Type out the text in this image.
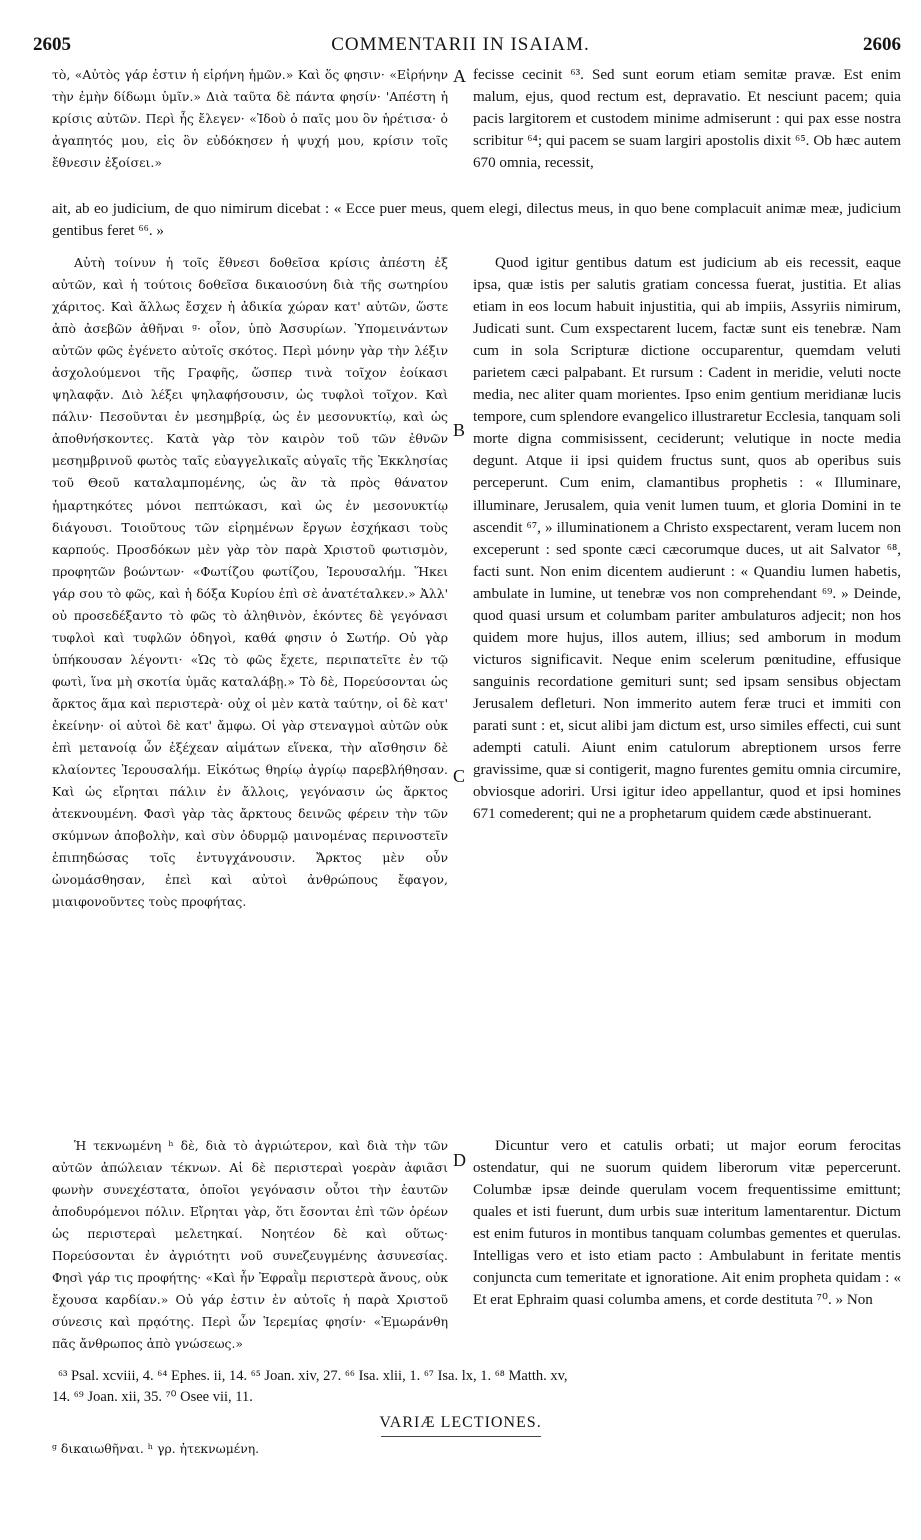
2605	COMMENTARII IN ISAIAM.	2606

τὸ, «Αὐτὸς γάρ ἐστιν ἡ εἰρήνη ἡμῶν.» Καὶ ὅς φησιν· «Εἰρήνην τὴν ἐμὴν δίδωμι ὑμῖν.» Διὰ ταῦτα δὲ πάντα φησίν· 'Απέστη ἡ κρίσις αὐτῶν. Περὶ ἧς ἔλεγεν· «Ἰδοὺ ὁ παῖς μου ὃν ἡρέτισα· ὁ ἀγαπητός μου, εἰς ὃν εὐδόκησεν ἡ ψυχή μου, κρίσιν τοῖς ἔθνεσιν ἐξοίσει.»

A fecisse cecinit ⁶³. Sed sunt eorum etiam semitæ pravæ. Est enim malum, ejus, quod rectum est, depravatio. Et nesciunt pacem; quia pacis largitorem et custodem minime admiserunt : qui pax esse nostra scribitur ⁶⁴; qui pacem se suam largiri apostolis dixit ⁶⁵. Ob hæc autem 670 omnia, recessit,

ait, ab eo judicium, de quo nimirum dicebat : « Ecce puer meus, quem elegi, dilectus meus, in quo bene complacuit animæ meæ, judicium gentibus feret ⁶⁶. »

Αὐτὴ τοίνυν ἡ τοῖς ἔθνεσι δοθεῖσα κρίσις ἀπέστη ἐξ αὐτῶν, καὶ ἡ τούτοις δοθεῖσα δικαιοσύνη διὰ τῆς σωτηρίου χάριτος. Καὶ ἄλλως ἔσχεν ἡ ἀδικία χώραν κατ' αὐτῶν, ὥστε ἀπὸ ἀσεβῶν ἀθῆναι ᵍ· οἷον, ὑπὸ Ἀσσυρίων. Ὑπομεινάντων αὐτῶν φῶς ἐγένετο αὐτοῖς σκότος. Περὶ μόνην γὰρ τὴν λέξιν ἀσχολούμενοι τῆς Γραφῆς, ὥσπερ τινὰ τοῖχον ἐοίκασι ψηλαφᾷν. Διὸ λέξει ψηλαφήσουσιν, ὡς τυφλοὶ τοῖχον. Καὶ πάλιν· Πεσοῦνται ἐν μεσημβρίᾳ, ὡς ἐν μεσονυκτίῳ, καὶ ὡς ἀποθνήσκοντες. Κατὰ γὰρ τὸν καιρὸν τοῦ τῶν ἐθνῶν μεσημβρινοῦ φωτὸς ταῖς εὐαγγελικαῖς αὐγαῖς τῆς Ἐκκλησίας τοῦ Θεοῦ καταλαμπομένης, ὡς ἂν τὰ πρὸς θάνατον ἡμαρτηκότες μόνοι πεπτώκασι, καὶ ὡς ἐν μεσονυκτίῳ διάγουσι. Τοιοῦτους τῶν εἰρημένων ἔργων ἐσχήκασι τοὺς καρπούς. Προσδόκων μὲν γὰρ τὸν παρὰ Χριστοῦ φωτισμὸν, προφητῶν βοώντων· «Φωτίζου φωτίζου, Ἱερουσαλήμ. Ἥκει γάρ σου τὸ φῶς, καὶ ἡ δόξα Κυρίου ἐπὶ σὲ ἀνατέταλκεν.» Ἀλλ' οὐ προσεδέξαντο τὸ φῶς τὸ ἀληθινὸν, ἑκόντες δὲ γεγόνασι τυφλοὶ καὶ τυφλῶν ὁδηγοὶ, καθά φησιν ὁ Σωτήρ. Οὐ γὰρ ὑπήκουσαν λέγοντι· «Ὡς τὸ φῶς ἔχετε, περιπατεῖτε ἐν τῷ φωτὶ, ἵνα μὴ σκοτία ὑμᾶς καταλάβῃ.» Τὸ δὲ, Πορεύσονται ὡς ἄρκτος ἅμα καὶ περιστερὰ· οὐχ οἱ μὲν κατὰ ταύτην, οἱ δὲ κατ' ἐκείνην· οἱ αὐτοὶ δὲ κατ' ἄμφω. Οἱ γὰρ στεναγμοὶ αὐτῶν οὐκ ἐπὶ μετανοίᾳ ὧν ἐξέχεαν αἱμάτων εἵνεκα, τὴν αἴσθησιν δὲ κλαίοντες Ἱερουσαλήμ. Εἰκότως θηρίῳ ἀγρίῳ παρεβλήθησαν. Καὶ ὡς εἴρηται πάλιν ἐν ἄλλοις, γεγόνασιν ὡς ἄρκτος ἀτεκνουμένη. Φασὶ γὰρ τὰς ἄρκτους δεινῶς φέρειν τὴν τῶν σκύμνων ἀποβολὴν, καὶ σὺν ὀδυρμῷ μαινομένας περινοστεῖν ἐπιπηδώσας τοῖς ἐντυγχάνουσιν. Ἄρκτος μὲν οὖν ὠνομάσθησαν, ἐπεὶ καὶ αὐτοὶ ἀνθρώπους ἔφαγον, μιαιφονοῦντες τοὺς προφήτας.

B
C

Quod igitur gentibus datum est judicium ab eis recessit, eaque ipsa, quæ istis per salutis gratiam concessa fuerat, justitia. Et alias etiam in eos locum habuit injustitia, qui ab impiis, Assyriis nimirum, Judicati sunt. Cum exspectarent lucem, factæ sunt eis tenebræ. Nam cum in sola Scripturæ dictione occuparentur, quemdam veluti parietem cæci palpabant. Et rursum : Cadent in meridie, veluti nocte media, nec aliter quam morientes. Ipso enim gentium meridianæ lucis tempore, cum splendore evangelico illustraretur Ecclesia, tanquam soli morte digna commisissent, ceciderunt; velutique in nocte media degunt. Atque ii ipsi quidem fructus sunt, quos ab operibus suis perceperunt. Cum enim, clamantibus prophetis : « Illuminare, illuminare, Jerusalem, quia venit lumen tuum, et gloria Domini in te ascendit ⁶⁷, » illuminationem a Christo exspectarent, veram lucem non exceperunt : sed sponte cæci cæcorumque duces, ut ait Salvator ⁶⁸, facti sunt. Non enim dicentem audierunt : « Quandiu lumen habetis, ambulate in lumine, ut tenebræ vos non comprehendant ⁶⁹. » Deinde, quod quasi ursum et columbam pariter ambulaturos adjecit; non hos quidem more hujus, illos autem, illius; sed amborum in modum victuros significavit. Neque enim scelerum pœnitudine, effusique sanguinis recordatione gemituri sunt; sed ipsam sensibus objectam Jerusalem defleturi. Non immerito autem feræ truci et immiti con parati sunt : et, sicut alibi jam dictum est, urso similes effecti, cui sunt adempti catuli. Aiunt enim catulorum abreptionem ursos ferre gravissime, quæ si contigerit, magno furentes gemitu omnia circumire, obviosque adoriri. Ursi igitur ideo appellantur, quod et ipsi homines 671 comederent; qui ne a prophetarum quidem cæde abstinuerant.

Ἡ τεκνωμένη ʰ δὲ, διὰ τὸ ἀγριώτερον, καὶ διὰ τὴν τῶν αὐτῶν ἀπώλειαν τέκνων. Αἱ δὲ περιστεραὶ γοερὰν ἀφιᾶσι φωνὴν συνεχέστατα, ὁποῖοι γεγόνασιν οὗτοι τὴν ἑαυτῶν ἀποδυρόμενοι πόλιν. Εἴρηται γὰρ, ὅτι ἔσονται ἐπὶ τῶν ὀρέων ὡς περιστεραὶ μελετηκαί. Νοητέον δὲ καὶ οὕτως· Πορεύσονται ἐν ἀγριότητι νοῦ συνεζευγμένης ἀσυνεσίας. Φησὶ γάρ τις προφήτης· «Καὶ ἦν Ἐφραῒμ περιστερὰ ἄνους, οὐκ ἔχουσα καρδίαν.» Οὐ γάρ ἐστιν ἐν αὐτοῖς ἡ παρὰ Χριστοῦ σύνεσις καὶ πρᾳότης. Περὶ ὧν Ἱερεμίας φησίν· «Ἐμωράνθη πᾶς ἄνθρωπος ἀπὸ γνώσεως.»

D

Dicuntur vero et catulis orbati; ut major eorum ferocitas ostendatur, qui ne suorum quidem liberorum vitæ pepercerunt. Columbæ ipsæ deinde querulam vocem frequentissime emittunt; quales et isti fuerunt, dum urbis suæ interitum lamentarentur. Dictum est enim futuros in montibus tanquam columbas gementes et querulas. Intelligas vero et isto etiam pacto : Ambulabunt in feritate mentis conjuncta cum temeritate et ignoratione. Ait enim propheta quidam : « Et erat Ephraim quasi columba amens, et corde destituta ⁷⁰. » Non

⁶³ Psal. xcviii, 4. ⁶⁴ Ephes. ii, 14. ⁶⁵ Joan. xiv, 27. ⁶⁶ Isa. xlii, 1. ⁶⁷ Isa. lx, 1. ⁶⁸ Matth. xv,
14. ⁶⁹ Joan. xii, 35. ⁷⁰ Osee vii, 11.
VARIÆ LECTIONES.
ᵍ δικαιωθῆναι. ʰ γρ. ἠτεκνωμένη.
